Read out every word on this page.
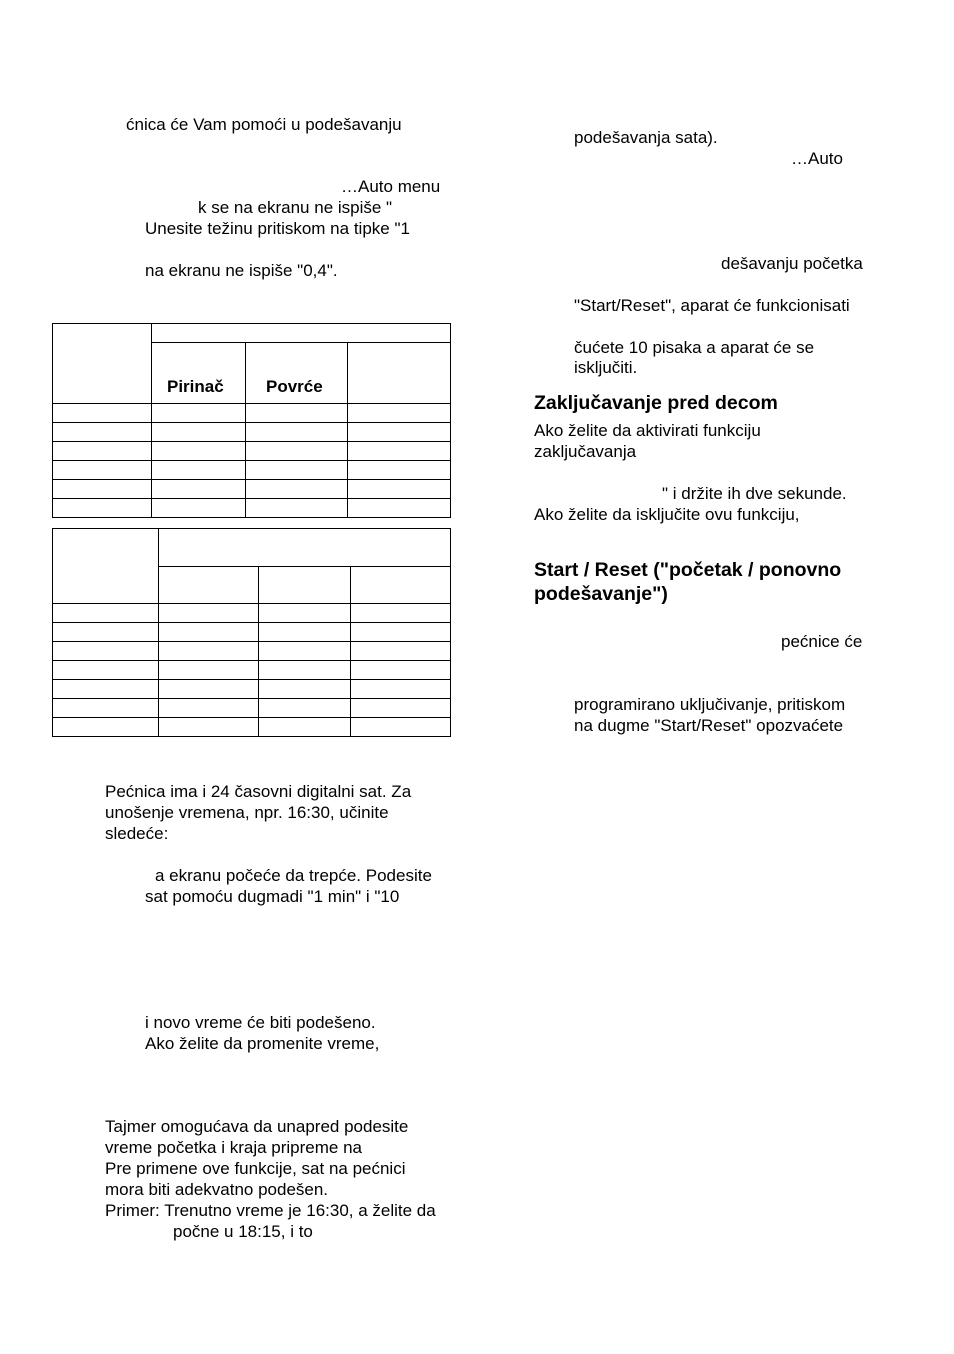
ćnica će Vam pomoći u podešavanju
…Auto menu
k se na ekranu ne ispiše "
Unesite težinu pritiskom na tipke "1
na ekranu ne ispiše "0,4".

	Pirinač	Povrće	

Pećnica ima i 24 časovni digitalni sat. Za
unošenje vremena, npr. 16:30, učinite
sledeće:
a ekranu počeće da trepće. Podesite
sat pomoću dugmadi "1 min" i "10
i novo vreme će biti podešeno.
Ako želite da promenite vreme,
Tajmer omogućava da unapred podesite
vreme početka i kraja pripreme na
Pre primene ove funkcije, sat na pećnici
mora biti adekvatno podešen.
Primer: Trenutno vreme je 16:30, a želite da
počne u 18:15, i to
podešavanja sata).
…Auto
dešavanju početka
"Start/Reset", aparat će funkcionisati
čućete 10 pisaka a aparat će se
isključiti.
Zaključavanje pred decom
Ako želite da aktivirati funkciju
zaključavanja
" i držite ih dve sekunde.
Ako želite da isključite ovu funkciju,
Start / Reset ("početak / ponovno
podešavanje")
pećnice će
programirano uključivanje, pritiskom
na dugme "Start/Reset" opozvaćete
